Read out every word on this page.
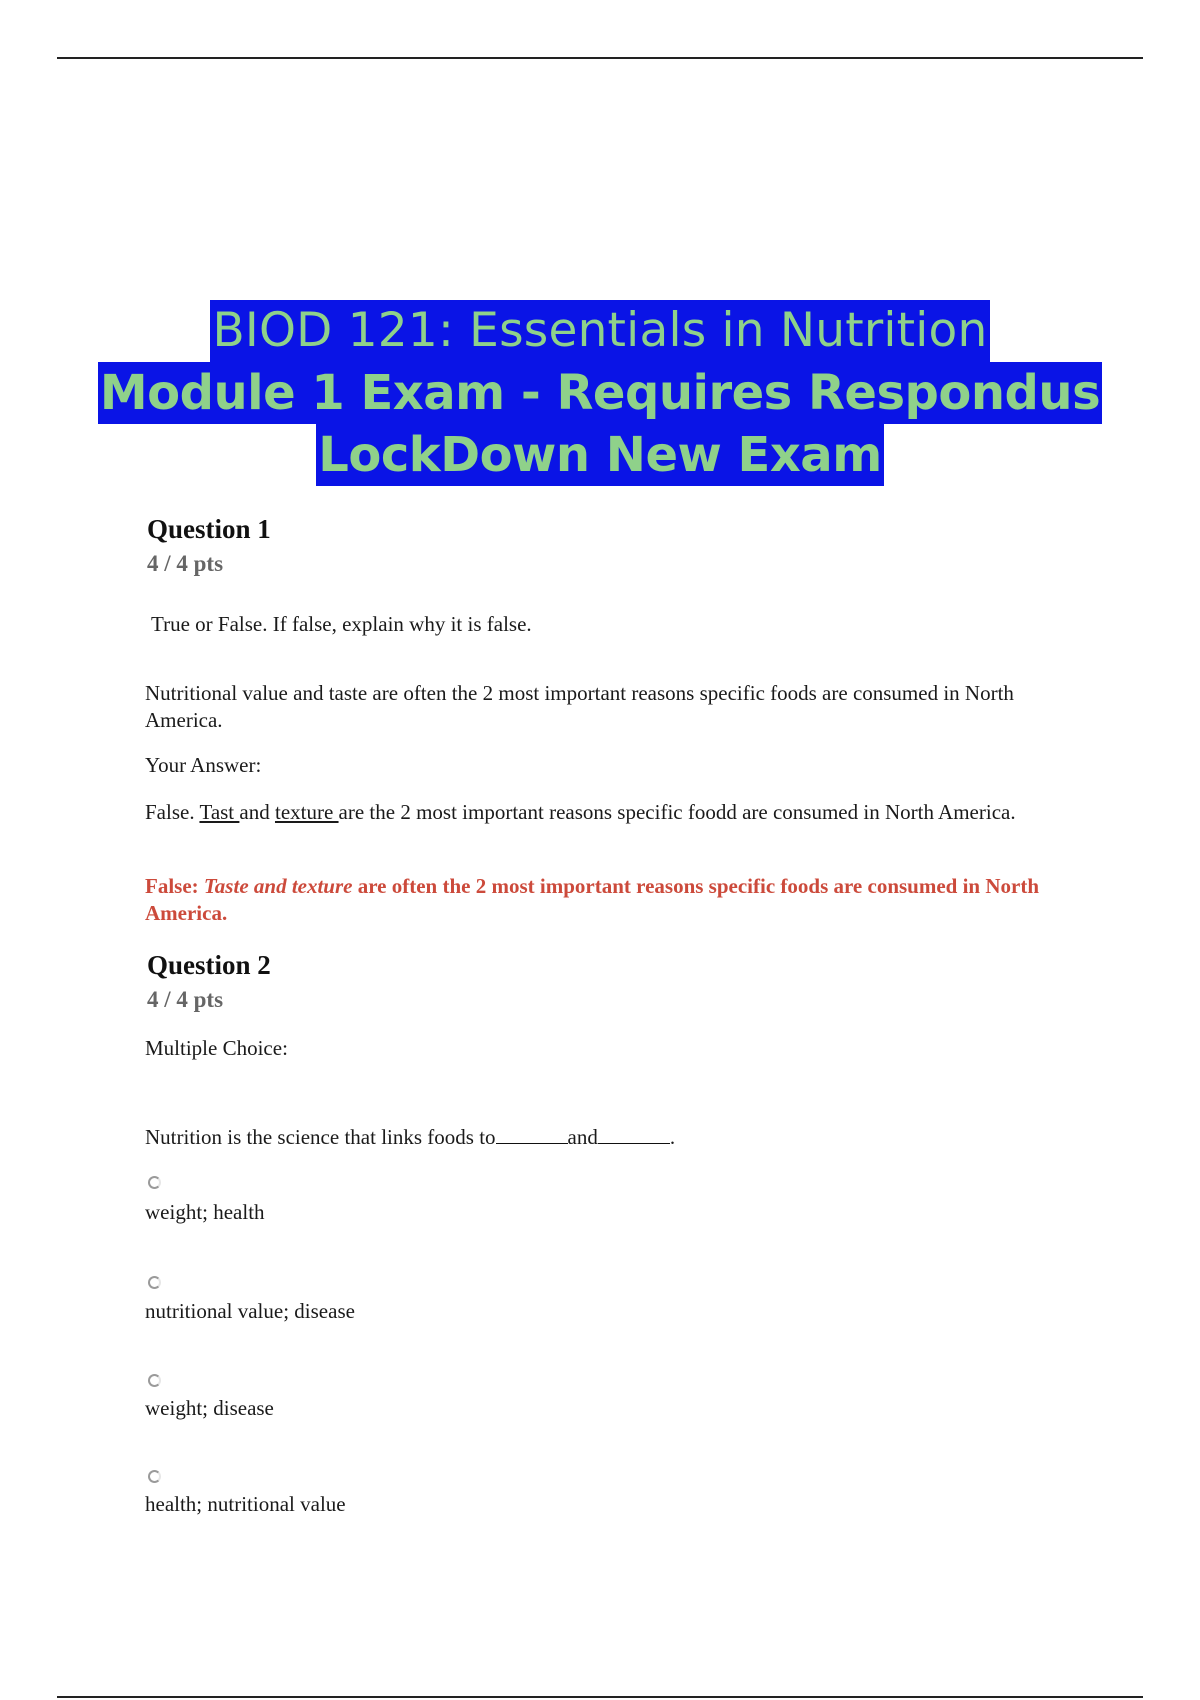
BIOD 121: Essentials in Nutrition
Module 1 Exam - Requires Respondus
LockDown New Exam
Question 1
4 / 4 pts
True or False. If false, explain why it is false.
Nutritional value and taste are often the 2 most important reasons specific foods are consumed in North America.
Your Answer:
False. Tast and texture are the 2 most important reasons specific foodd are consumed in North America.
False: Taste and texture are often the 2 most important reasons specific foods are consumed in North America.
Question 2
4 / 4 pts
Multiple Choice:
Nutrition is the science that links foods to	and	.
weight; health
nutritional value; disease
weight; disease
health; nutritional value
